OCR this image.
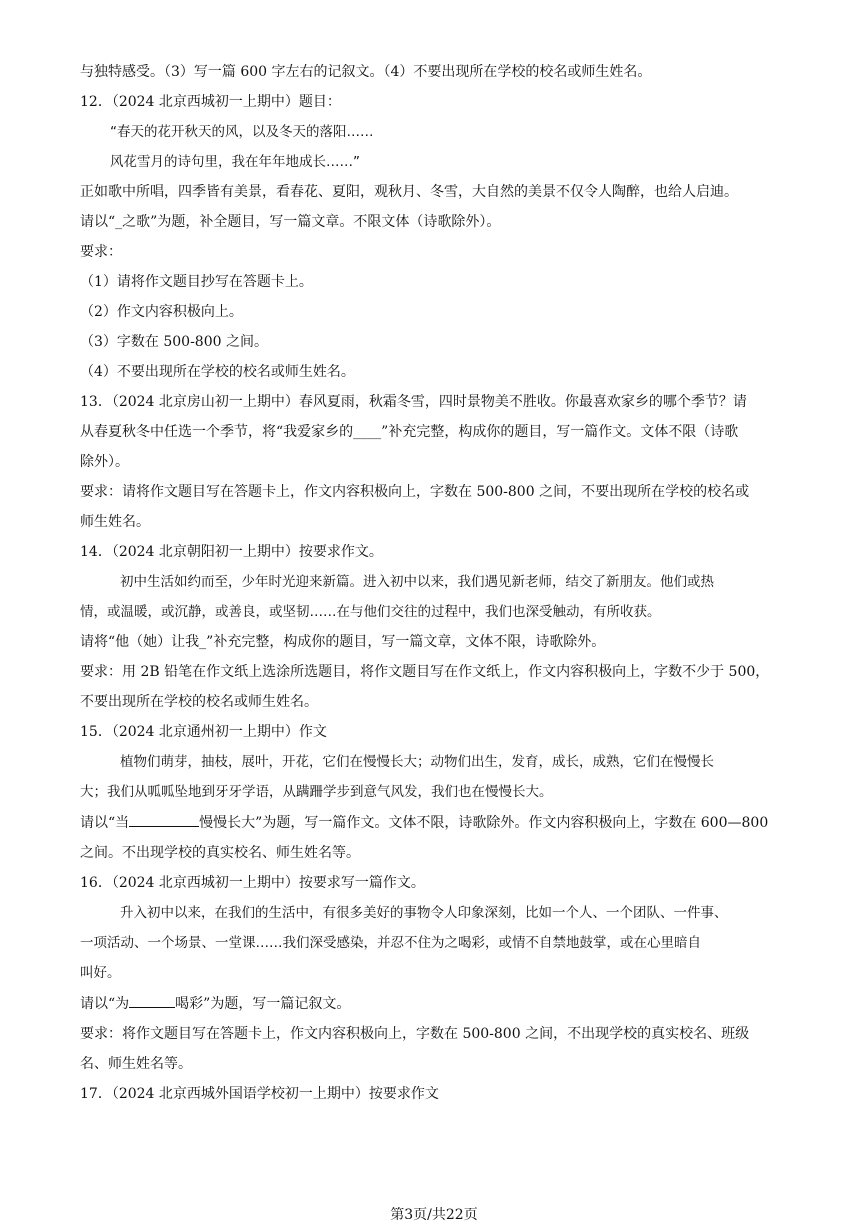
与独特感受。（3）写一篇 600 字左右的记叙文。（4）不要出现所在学校的校名或师生姓名。
12．（2024 北京西城初一上期中）题目：
“春天的花开秋天的风，以及冬天的落阳……
风花雪月的诗句里，我在年年地成长……”
正如歌中所唱，四季皆有美景，看春花、夏阳，观秋月、冬雪，大自然的美景不仅令人陶醉，也给人启迪。
请以“_之歌”为题，补全题目，写一篇文章。不限文体（诗歌除外）。
要求：
（1）请将作文题目抄写在答题卡上。
（2）作文内容积极向上。
（3）字数在 500-800 之间。
（4）不要出现所在学校的校名或师生姓名。
13．（2024 北京房山初一上期中）春风夏雨，秋霜冬雪，四时景物美不胜收。你最喜欢家乡的哪个季节？请
从春夏秋冬中任选一个季节，将“我爱家乡的____”补充完整，构成你的题目，写一篇作文。文体不限（诗歌
除外）。
要求：请将作文题目写在答题卡上，作文内容积极向上，字数在 500-800 之间，不要出现所在学校的校名或
师生姓名。
14．（2024 北京朝阳初一上期中）按要求作文。
初中生活如约而至，少年时光迎来新篇。进入初中以来，我们遇见新老师，结交了新朋友。他们或热
情，或温暖，或沉静，或善良，或坚韧……在与他们交往的过程中，我们也深受触动，有所收获。
请将“他（她）让我_”补充完整，构成你的题目，写一篇文章，文体不限，诗歌除外。
要求：用 2B 铅笔在作文纸上选涂所选题目，将作文题目写在作文纸上，作文内容积极向上，字数不少于 500，
不要出现所在学校的校名或师生姓名。
15．（2024 北京通州初一上期中）作文
植物们萌芽，抽枝，展叶，开花，它们在慢慢长大；动物们出生，发育，成长，成熟，它们在慢慢长
大；我们从呱呱坠地到牙牙学语，从蹒跚学步到意气风发，我们也在慢慢长大。
请以“当	慢慢长大”为题，写一篇作文。文体不限，诗歌除外。作文内容积极向上，字数在 600—800
之间。不出现学校的真实校名、师生姓名等。
16．（2024 北京西城初一上期中）按要求写一篇作文。
升入初中以来，在我们的生活中，有很多美好的事物令人印象深刻，比如一个人、一个团队、一件事、
一项活动、一个场景、一堂课……我们深受感染，并忍不住为之喝彩，或情不自禁地鼓掌，或在心里暗自
叫好。
请以“为	喝彩”为题，写一篇记叙文。
要求：将作文题目写在答题卡上，作文内容积极向上，字数在 500-800 之间，不出现学校的真实校名、班级
名、师生姓名等。
17．（2024 北京西城外国语学校初一上期中）按要求作文
第3页/共22页
